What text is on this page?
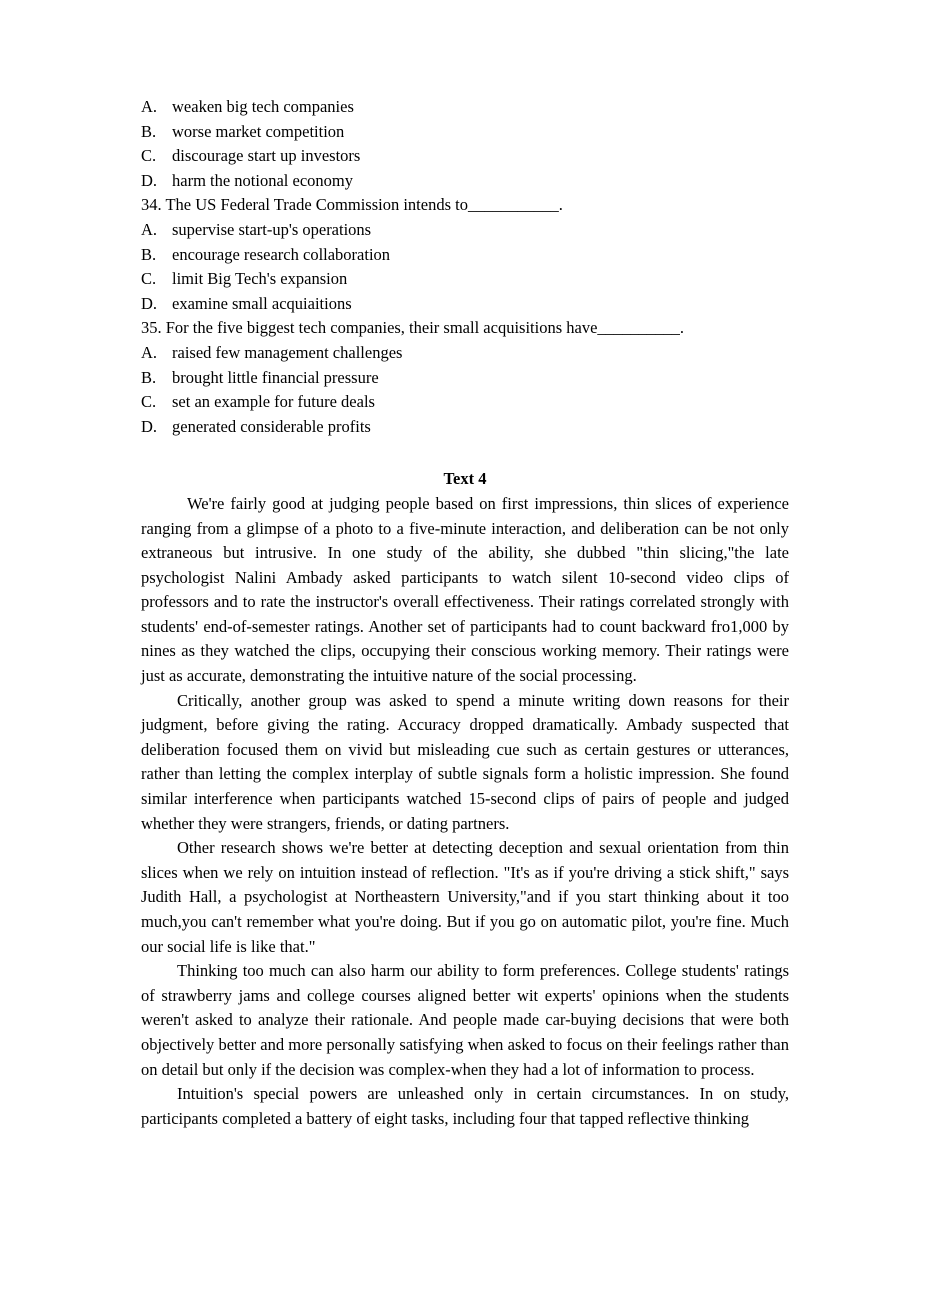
A. weaken big tech companies
B. worse market competition
C. discourage start up investors
D. harm the notional economy
34. The US Federal Trade Commission intends to___________.
A. supervise start-up's operations
B. encourage research collaboration
C. limit Big Tech's expansion
D. examine small acquiaitions
35. For the five biggest tech companies, their small acquisitions have__________.
A. raised few management challenges
B. brought little financial pressure
C. set an example for future deals
D. generated considerable profits
Text 4
We're fairly good at judging people based on first impressions, thin slices of experience ranging from a glimpse of a photo to a five-minute interaction, and deliberation can be not only extraneous but intrusive. In one study of the ability, she dubbed "thin slicing,"the late psychologist Nalini Ambady asked participants to watch silent 10-second video clips of professors and to rate the instructor's overall effectiveness. Their ratings correlated strongly with students' end-of-semester ratings. Another set of participants had to count backward fro1,000 by nines as they watched the clips, occupying their conscious working memory. Their ratings were just as accurate, demonstrating the intuitive nature of the social processing.
Critically, another group was asked to spend a minute writing down reasons for their judgment, before giving the rating. Accuracy dropped dramatically. Ambady suspected that deliberation focused them on vivid but misleading cue such as certain gestures or utterances, rather than letting the complex interplay of subtle signals form a holistic impression. She found similar interference when participants watched 15-second clips of pairs of people and judged whether they were strangers, friends, or dating partners.
Other research shows we're better at detecting deception and sexual orientation from thin slices when we rely on intuition instead of reflection. "It's as if you're driving a stick shift," says Judith Hall, a psychologist at Northeastern University,"and if you start thinking about it too much,you can't remember what you're doing. But if you go on automatic pilot, you're fine. Much our social life is like that."
Thinking too much can also harm our ability to form preferences. College students' ratings of strawberry jams and college courses aligned better wit experts' opinions when the students weren't asked to analyze their rationale. And people made car-buying decisions that were both objectively better and more personally satisfying when asked to focus on their feelings rather than on detail but only if the decision was complex-when they had a lot of information to process.
Intuition's special powers are unleashed only in certain circumstances. In on study, participants completed a battery of eight tasks, including four that tapped reflective thinking
